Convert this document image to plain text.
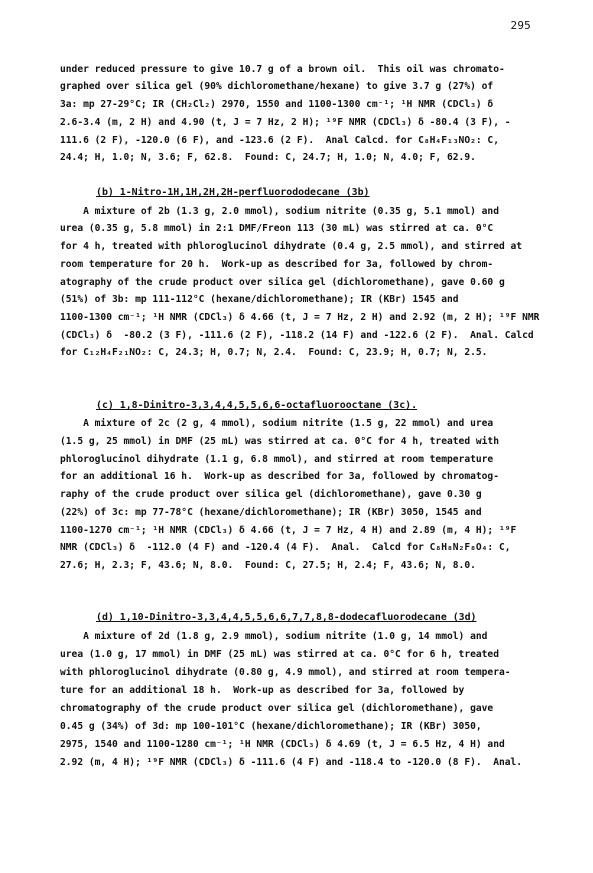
295
under reduced pressure to give 10.7 g of a brown oil.  This oil was chromato-
graphed over silica gel (90% dichloromethane/hexane) to give 3.7 g (27%) of
3a: mp 27-29°C; IR (CH₂Cl₂) 2970, 1550 and 1100-1300 cm⁻¹; ¹H NMR (CDCl₃) δ
2.6-3.4 (m, 2 H) and 4.90 (t, J = 7 Hz, 2 H); ¹⁹F NMR (CDCl₃) δ -80.4 (3 F), -
111.6 (2 F), -120.0 (6 F), and -123.6 (2 F).  Anal Calcd. for C₈H₄F₁₃NO₂: C,
24.4; H, 1.0; N, 3.6; F, 62.8.  Found: C, 24.7; H, 1.0; N, 4.0; F, 62.9.
(b) 1-Nitro-1H,1H,2H,2H-perfluorododecane (3b)
A mixture of 2b (1.3 g, 2.0 mmol), sodium nitrite (0.35 g, 5.1 mmol) and
urea (0.35 g, 5.8 mmol) in 2:1 DMF/Freon 113 (30 mL) was stirred at ca. 0°C
for 4 h, treated with phloroglucinol dihydrate (0.4 g, 2.5 mmol), and stirred at
room temperature for 20 h.  Work-up as described for 3a, followed by chrom-
atography of the crude product over silica gel (dichloromethane), gave 0.60 g
(51%) of 3b: mp 111-112°C (hexane/dichloromethane); IR (KBr) 1545 and
1100-1300 cm⁻¹; ¹H NMR (CDCl₃) δ 4.66 (t, J = 7 Hz, 2 H) and 2.92 (m, 2 H); ¹⁹F NMR
(CDCl₃) δ  -80.2 (3 F), -111.6 (2 F), -118.2 (14 F) and -122.6 (2 F).  Anal. Calcd
for C₁₂H₄F₂₁NO₂: C, 24.3; H, 0.7; N, 2.4.  Found: C, 23.9; H, 0.7; N, 2.5.
(c) 1,8-Dinitro-3,3,4,4,5,5,6,6-octafluorooctane (3c).
A mixture of 2c (2 g, 4 mmol), sodium nitrite (1.5 g, 22 mmol) and urea
(1.5 g, 25 mmol) in DMF (25 mL) was stirred at ca. 0°C for 4 h, treated with
phloroglucinol dihydrate (1.1 g, 6.8 mmol), and stirred at room temperature
for an additional 16 h.  Work-up as described for 3a, followed by chromatog-
raphy of the crude product over silica gel (dichloromethane), gave 0.30 g
(22%) of 3c: mp 77-78°C (hexane/dichloromethane); IR (KBr) 3050, 1545 and
1100-1270 cm⁻¹; ¹H NMR (CDCl₃) δ 4.66 (t, J = 7 Hz, 4 H) and 2.89 (m, 4 H); ¹⁹F
NMR (CDCl₃) δ  -112.0 (4 F) and -120.4 (4 F).  Anal.  Calcd for C₈H₈N₂F₈O₄: C,
27.6; H, 2.3; F, 43.6; N, 8.0.  Found: C, 27.5; H, 2.4; F, 43.6; N, 8.0.
(d) 1,10-Dinitro-3,3,4,4,5,5,6,6,7,7,8,8-dodecafluorodecane (3d)
A mixture of 2d (1.8 g, 2.9 mmol), sodium nitrite (1.0 g, 14 mmol) and
urea (1.0 g, 17 mmol) in DMF (25 mL) was stirred at ca. 0°C for 6 h, treated
with phloroglucinol dihydrate (0.80 g, 4.9 mmol), and stirred at room tempera-
ture for an additional 18 h.  Work-up as described for 3a, followed by
chromatography of the crude product over silica gel (dichloromethane), gave
0.45 g (34%) of 3d: mp 100-101°C (hexane/dichloromethane); IR (KBr) 3050,
2975, 1540 and 1100-1280 cm⁻¹; ¹H NMR (CDCl₃) δ 4.69 (t, J = 6.5 Hz, 4 H) and
2.92 (m, 4 H); ¹⁹F NMR (CDCl₃) δ -111.6 (4 F) and -118.4 to -120.0 (8 F).  Anal.
